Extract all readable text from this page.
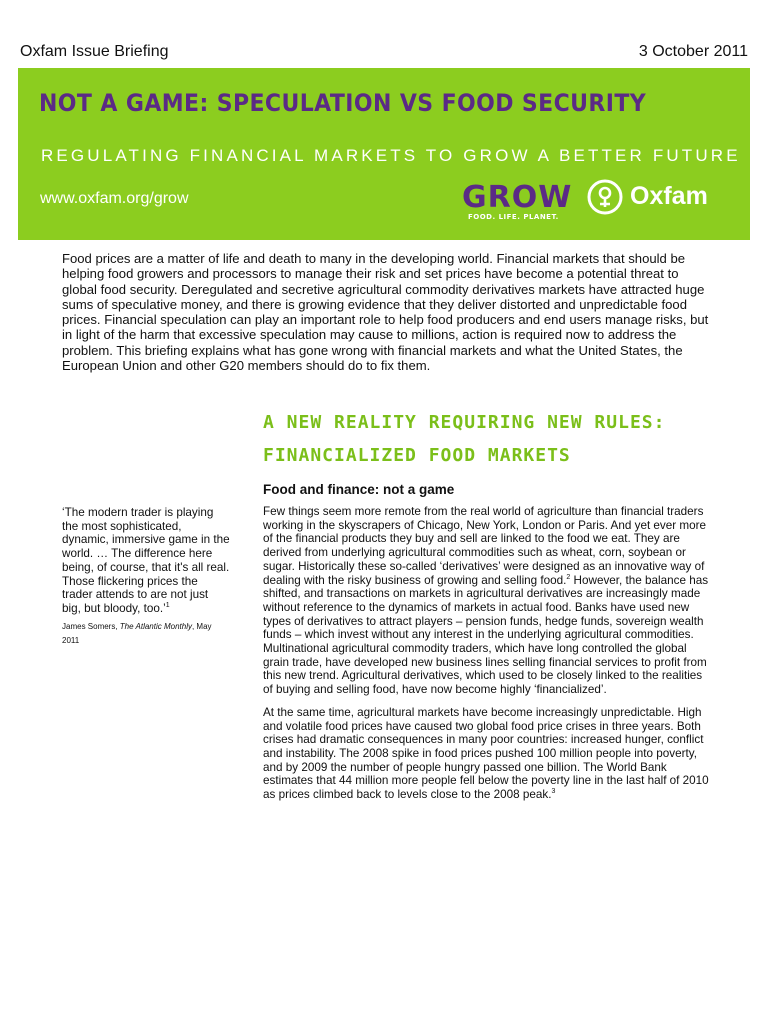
Oxfam Issue Briefing	3 October 2011
NOT A GAME: SPECULATION VS FOOD SECURITY
REGULATING FINANCIAL MARKETS TO GROW A BETTER FUTURE
www.oxfam.org/grow	GROW
FOOD. LIFE. PLANET.
Oxfam

Food prices are a matter of life and death to many in the developing world. Financial markets that should be helping food growers and processors to manage their risk and set prices have become a potential threat to global food security. Deregulated and secretive agricultural commodity derivatives markets have attracted huge sums of speculative money, and there is growing evidence that they deliver distorted and unpredictable food prices. Financial speculation can play an important role to help food producers and end users manage risks, but in light of the harm that excessive speculation may cause to millions, action is required now to address the problem. This briefing explains what has gone wrong with financial markets and what the United States, the European Union and other G20 members should do to fix them.

A NEW REALITY REQUIRING NEW RULES:
FINANCIALIZED FOOD MARKETS
Food and finance: not a game

Few things seem more remote from the real world of agriculture than financial traders working in the skyscrapers of Chicago, New York, London or Paris. And yet ever more of the financial products they buy and sell are linked to the food we eat. They are derived from underlying agricultural commodities such as wheat, corn, soybean or sugar. Historically these so-called ‘derivatives’ were designed as an innovative way of dealing with the risky business of growing and selling food.$^2$ However, the balance has shifted, and transactions on markets in agricultural derivatives are increasingly made without reference to the dynamics of markets in actual food. Banks have used new types of derivatives to attract players – pension funds, hedge funds, sovereign wealth funds – which invest without any interest in the underlying agricultural commodities. Multinational agricultural commodity traders, which have long controlled the global grain trade, have developed new business lines selling financial services to profit from this new trend. Agricultural derivatives, which used to be closely linked to the realities of buying and selling food, have now become highly ‘financialized’.

At the same time, agricultural markets have become increasingly unpredictable. High and volatile food prices have caused two global food price crises in three years. Both crises had dramatic consequences in many poor countries: increased hunger, conflict and instability. The 2008 spike in food prices pushed 100 million people into poverty, and by 2009 the number of people hungry passed one billion. The World Bank estimates that 44 million more people fell below the poverty line in the last half of 2010 as prices climbed back to levels close to the 2008 peak.$^3$

‘The modern trader is playing the most sophisticated, dynamic, immersive game in the world. … The difference here being, of course, that it's all real. Those flickering prices the trader attends to are not just big, but bloody, too.’$^1$
James Somers, The Atlantic Monthly, May 2011
